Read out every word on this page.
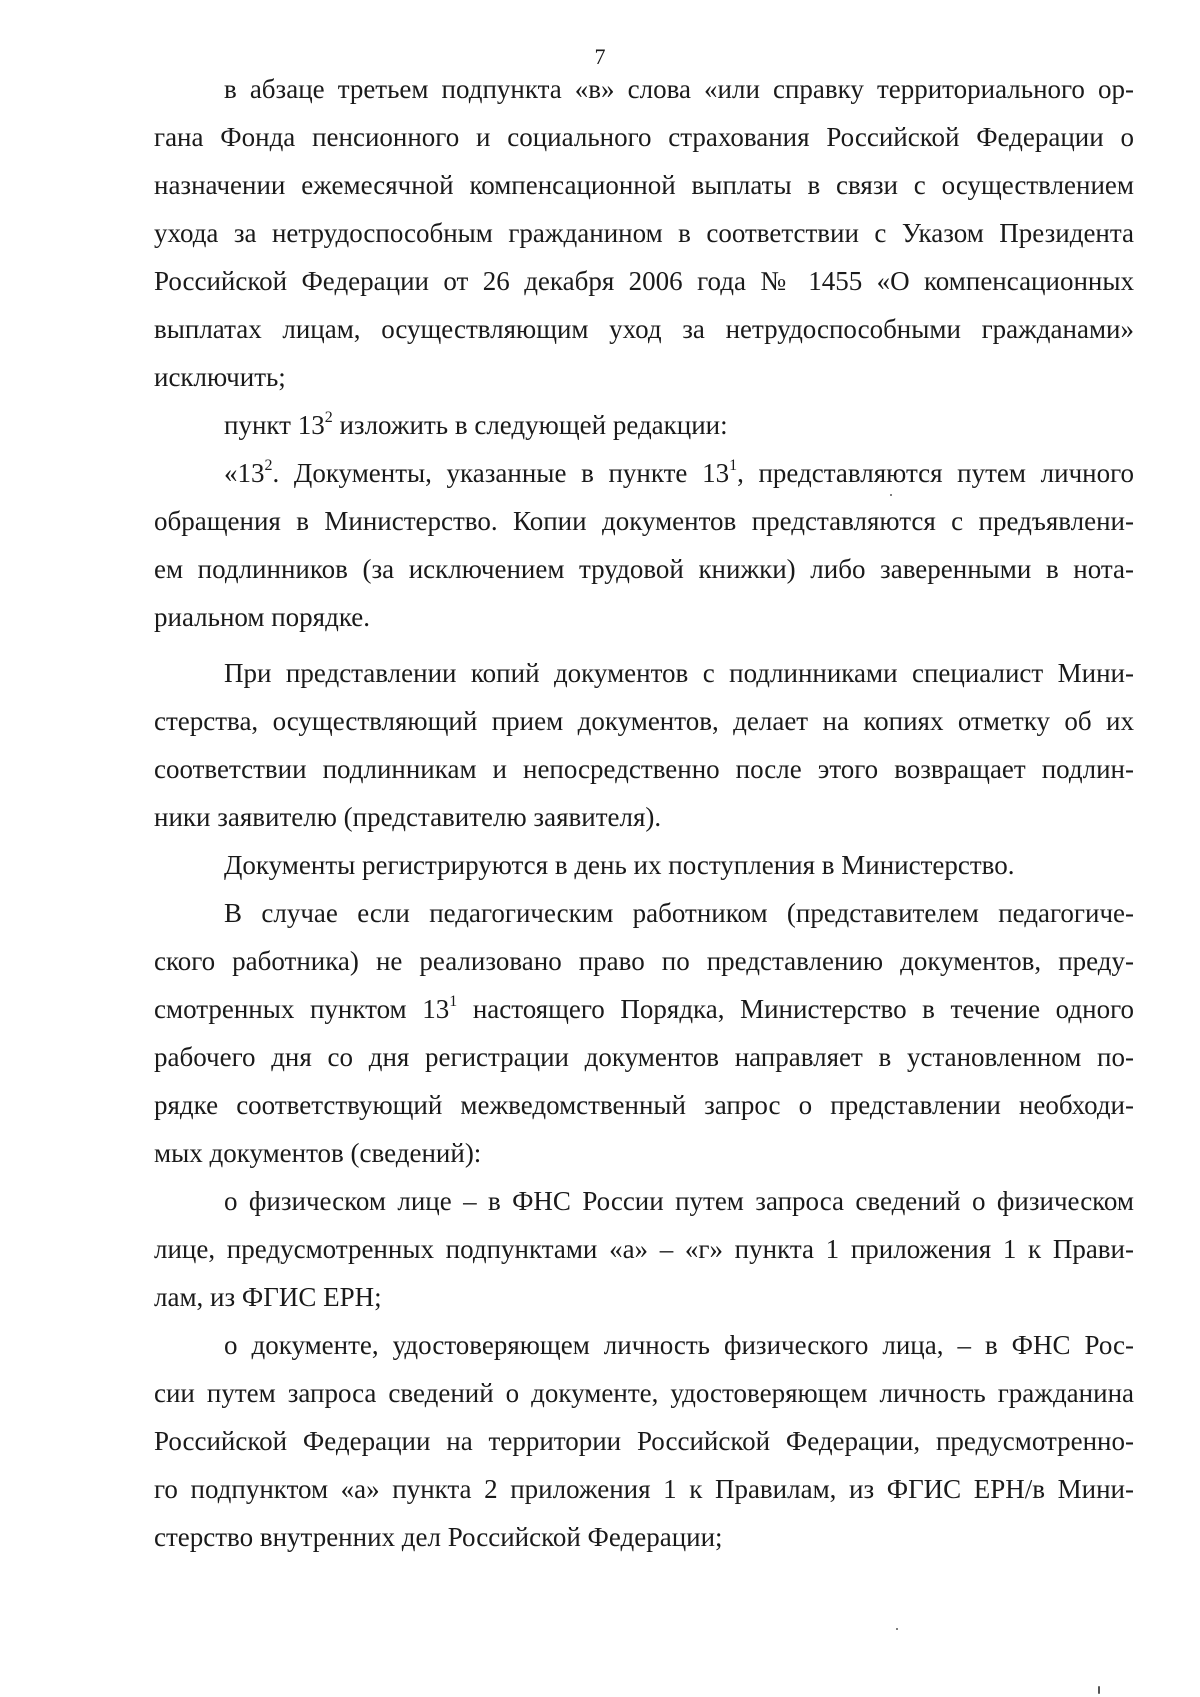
7
в абзаце третьем подпункта «в» слова «или справку территориального ор-
гана Фонда пенсионного и социального страхования Российской Федерации о
назначении ежемесячной компенсационной выплаты в связи с осуществлением
ухода за нетрудоспособным гражданином в соответствии с Указом Президента
Российской Федерации от 26 декабря 2006 года № 1455 «О компенсационных
выплатах лицам, осуществляющим уход за нетрудоспособными гражданами»
исключить;
пункт $13^2$ изложить в следующей редакции:
«$13^2$. Документы, указанные в пункте $13^1$, представляются путем личного
обращения в Министерство. Копии документов представляются с предъявлени-
ем подлинников (за исключением трудовой книжки) либо заверенными в нота-
риальном порядке.
При представлении копий документов с подлинниками специалист Мини-
стерства, осуществляющий прием документов, делает на копиях отметку об их
соответствии подлинникам и непосредственно после этого возвращает подлин-
ники заявителю (представителю заявителя).
Документы регистрируются в день их поступления в Министерство.
В случае если педагогическим работником (представителем педагогиче-
ского работника) не реализовано право по представлению документов, преду-
смотренных пунктом $13^1$ настоящего Порядка, Министерство в течение одного
рабочего дня со дня регистрации документов направляет в установленном по-
рядке соответствующий межведомственный запрос о представлении необходи-
мых документов (сведений):
о физическом лице – в ФНС России путем запроса сведений о физическом
лице, предусмотренных подпунктами «а» – «г» пункта 1 приложения 1 к Прави-
лам, из ФГИС ЕРН;
о документе, удостоверяющем личность физического лица, – в ФНС Рос-
сии путем запроса сведений о документе, удостоверяющем личность гражданина
Российской Федерации на территории Российской Федерации, предусмотренно-
го подпунктом «а» пункта 2 приложения 1 к Правилам, из ФГИС ЕРН/в Мини-
стерство внутренних дел Российской Федерации;
